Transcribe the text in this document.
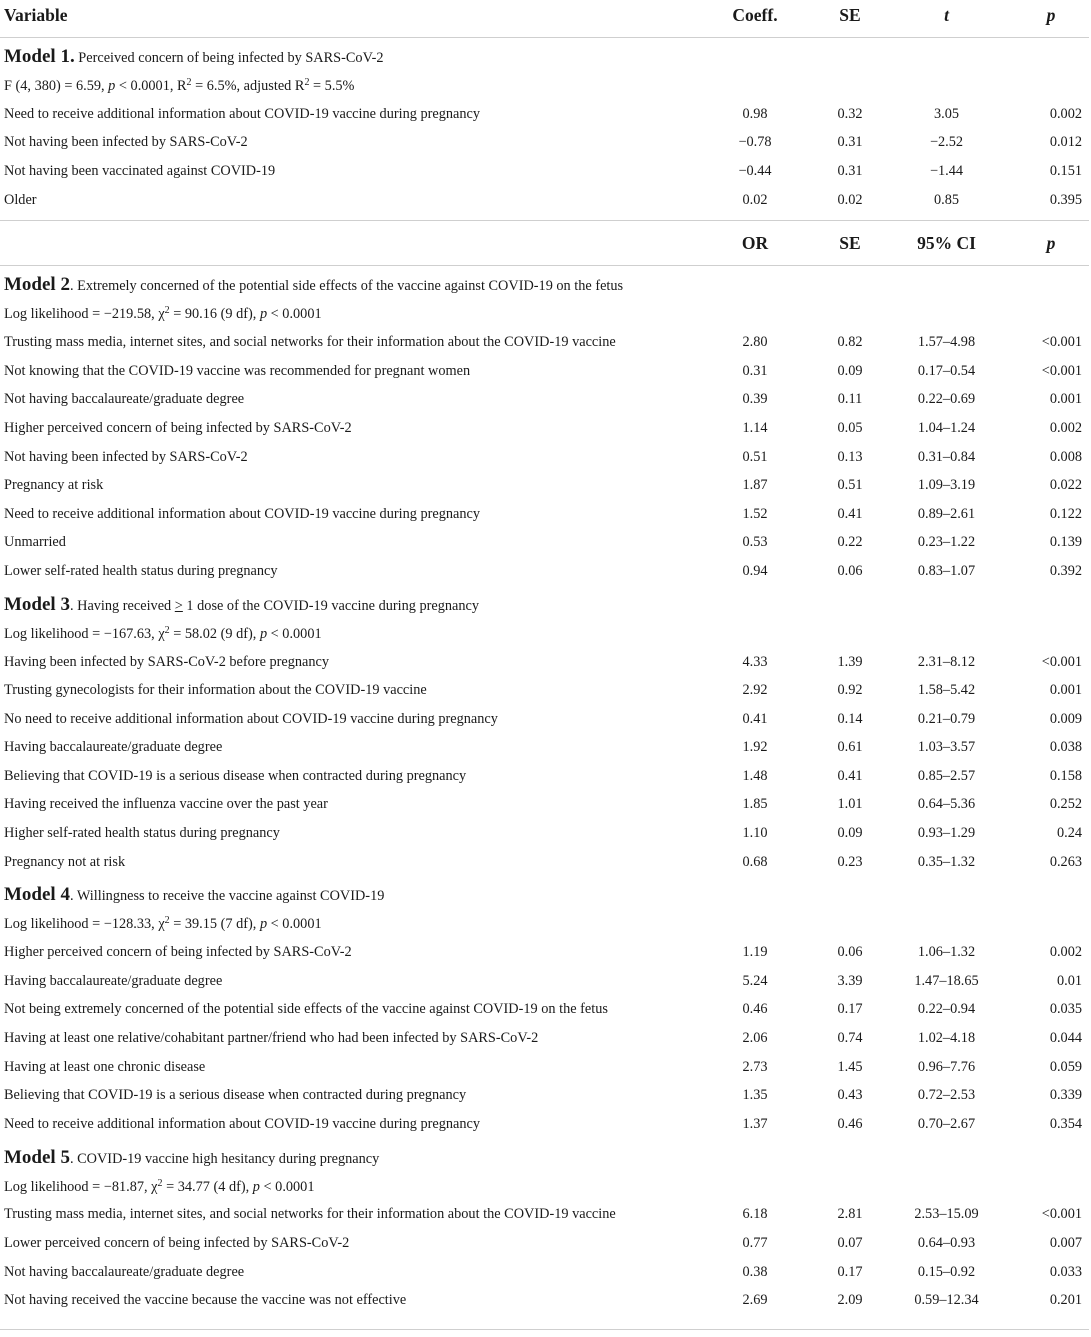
Variable	Coeff.	SE	t	p
Model 1. Perceived concern of being infected by SARS-CoV-2				
F (4, 380) = 6.59, p < 0.0001, $R^2 = 6.5\%$, adjusted $R^2 = 5.5\%$				
Need to receive additional information about COVID-19 vaccine during pregnancy	0.98	0.32	3.05	0.002
Not having been infected by SARS-CoV-2	−0.78	0.31	−2.52	0.012
Not having been vaccinated against COVID-19	−0.44	0.31	−1.44	0.151
Older	0.02	0.02	0.85	0.395

	OR	SE	95% CI	p
Model 2. Extremely concerned of the potential side effects of the vaccine against COVID-19 on the fetus				
Log likelihood = −219.58, $\chi^2 = 90.16$ (9 df), p < 0.0001				
Trusting mass media, internet sites, and social networks for their information about the COVID-19 vaccine	2.80	0.82	1.57–4.98	<0.001
Not knowing that the COVID-19 vaccine was recommended for pregnant women	0.31	0.09	0.17–0.54	<0.001
Not having baccalaureate/graduate degree	0.39	0.11	0.22–0.69	0.001
Higher perceived concern of being infected by SARS-CoV-2	1.14	0.05	1.04–1.24	0.002
Not having been infected by SARS-CoV-2	0.51	0.13	0.31–0.84	0.008
Pregnancy at risk	1.87	0.51	1.09–3.19	0.022
Need to receive additional information about COVID-19 vaccine during pregnancy	1.52	0.41	0.89–2.61	0.122
Unmarried	0.53	0.22	0.23–1.22	0.139
Lower self-rated health status during pregnancy	0.94	0.06	0.83–1.07	0.392
Model 3. Having received > 1 dose of the COVID-19 vaccine during pregnancy				
Log likelihood = −167.63, $\chi^2 = 58.02$ (9 df), p < 0.0001				
Having been infected by SARS-CoV-2 before pregnancy	4.33	1.39	2.31–8.12	<0.001
Trusting gynecologists for their information about the COVID-19 vaccine	2.92	0.92	1.58–5.42	0.001
No need to receive additional information about COVID-19 vaccine during pregnancy	0.41	0.14	0.21–0.79	0.009
Having baccalaureate/graduate degree	1.92	0.61	1.03–3.57	0.038
Believing that COVID-19 is a serious disease when contracted during pregnancy	1.48	0.41	0.85–2.57	0.158
Having received the influenza vaccine over the past year	1.85	1.01	0.64–5.36	0.252
Higher self-rated health status during pregnancy	1.10	0.09	0.93–1.29	0.24
Pregnancy not at risk	0.68	0.23	0.35–1.32	0.263
Model 4. Willingness to receive the vaccine against COVID-19				
Log likelihood = −128.33, $\chi^2 = 39.15$ (7 df), p < 0.0001				
Higher perceived concern of being infected by SARS-CoV-2	1.19	0.06	1.06–1.32	0.002
Having baccalaureate/graduate degree	5.24	3.39	1.47–18.65	0.01
Not being extremely concerned of the potential side effects of the vaccine against COVID-19 on the fetus	0.46	0.17	0.22–0.94	0.035
Having at least one relative/cohabitant partner/friend who had been infected by SARS-CoV-2	2.06	0.74	1.02–4.18	0.044
Having at least one chronic disease	2.73	1.45	0.96–7.76	0.059
Believing that COVID-19 is a serious disease when contracted during pregnancy	1.35	0.43	0.72–2.53	0.339
Need to receive additional information about COVID-19 vaccine during pregnancy	1.37	0.46	0.70–2.67	0.354
Model 5. COVID-19 vaccine high hesitancy during pregnancy				
Log likelihood = −81.87, $\chi^2 = 34.77$ (4 df), p < 0.0001				
Trusting mass media, internet sites, and social networks for their information about the COVID-19 vaccine	6.18	2.81	2.53–15.09	<0.001
Lower perceived concern of being infected by SARS-CoV-2	0.77	0.07	0.64–0.93	0.007
Not having baccalaureate/graduate degree	0.38	0.17	0.15–0.92	0.033
Not having received the vaccine because the vaccine was not effective	2.69	2.09	0.59–12.34	0.201
